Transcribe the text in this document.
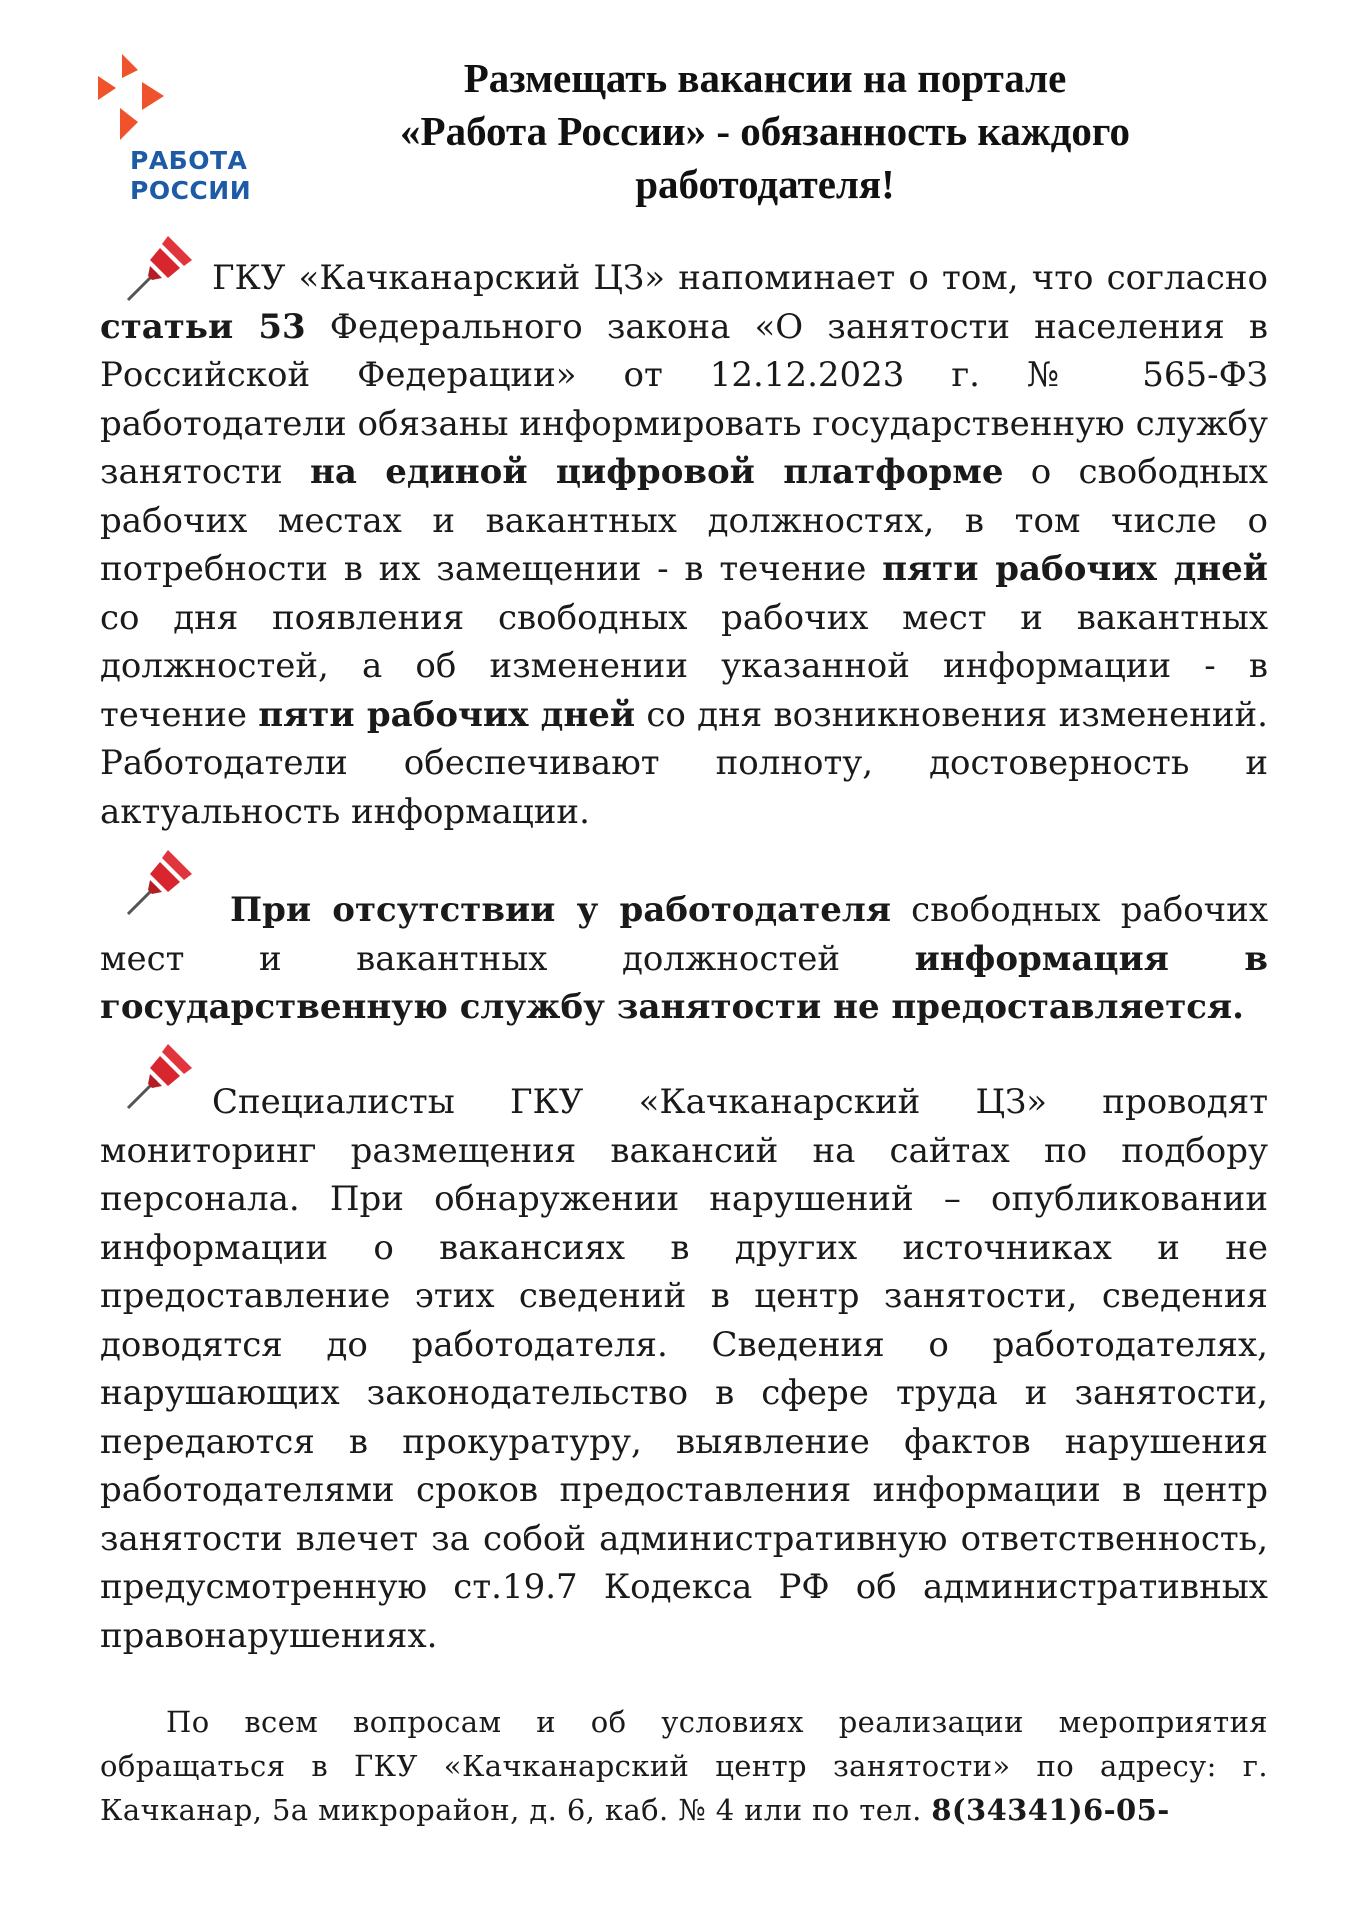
РАБОТА
РОССИИ
Размещать вакансии на портале
«Работа России» - обязанность каждого
работодателя!
ГКУ «Качканарский ЦЗ» напоминает о том, что согласно статьи 53 Федерального закона «О занятости населения в Российской Федерации» от 12.12.2023 г. № 565-ФЗ работодатели обязаны информировать государственную службу занятости на единой цифровой платформе о свободных рабочих местах и вакантных должностях, в том числе о потребности в их замещении - в течение пяти рабочих дней со дня появления свободных рабочих мест и вакантных должностей, а об изменении указанной информации - в течение пяти рабочих дней со дня возникновения изменений. Работодатели обеспечивают полноту, достоверность и актуальность информации.
При отсутствии у работодателя свободных рабочих мест и вакантных должностей информация в государственную службу занятости не предоставляется.
Специалисты ГКУ «Качканарский ЦЗ» проводят мониторинг размещения вакансий на сайтах по подбору персонала. При обнаружении нарушений – опубликовании информации о вакансиях в других источниках и не предоставление этих сведений в центр занятости, сведения доводятся до работодателя. Сведения о работодателях, нарушающих законодательство в сфере труда и занятости, передаются в прокуратуру, выявление фактов нарушения работодателями сроков предоставления информации в центр занятости влечет за собой административную ответственность, предусмотренную ст.19.7 Кодекса РФ об административных правонарушениях.
По всем вопросам и об условиях реализации мероприятия обращаться в ГКУ «Качканарский центр занятости» по адресу: г. Качканар, 5а микрорайон, д. 6, каб. № 4 или по тел. 8(34341)6-05-
